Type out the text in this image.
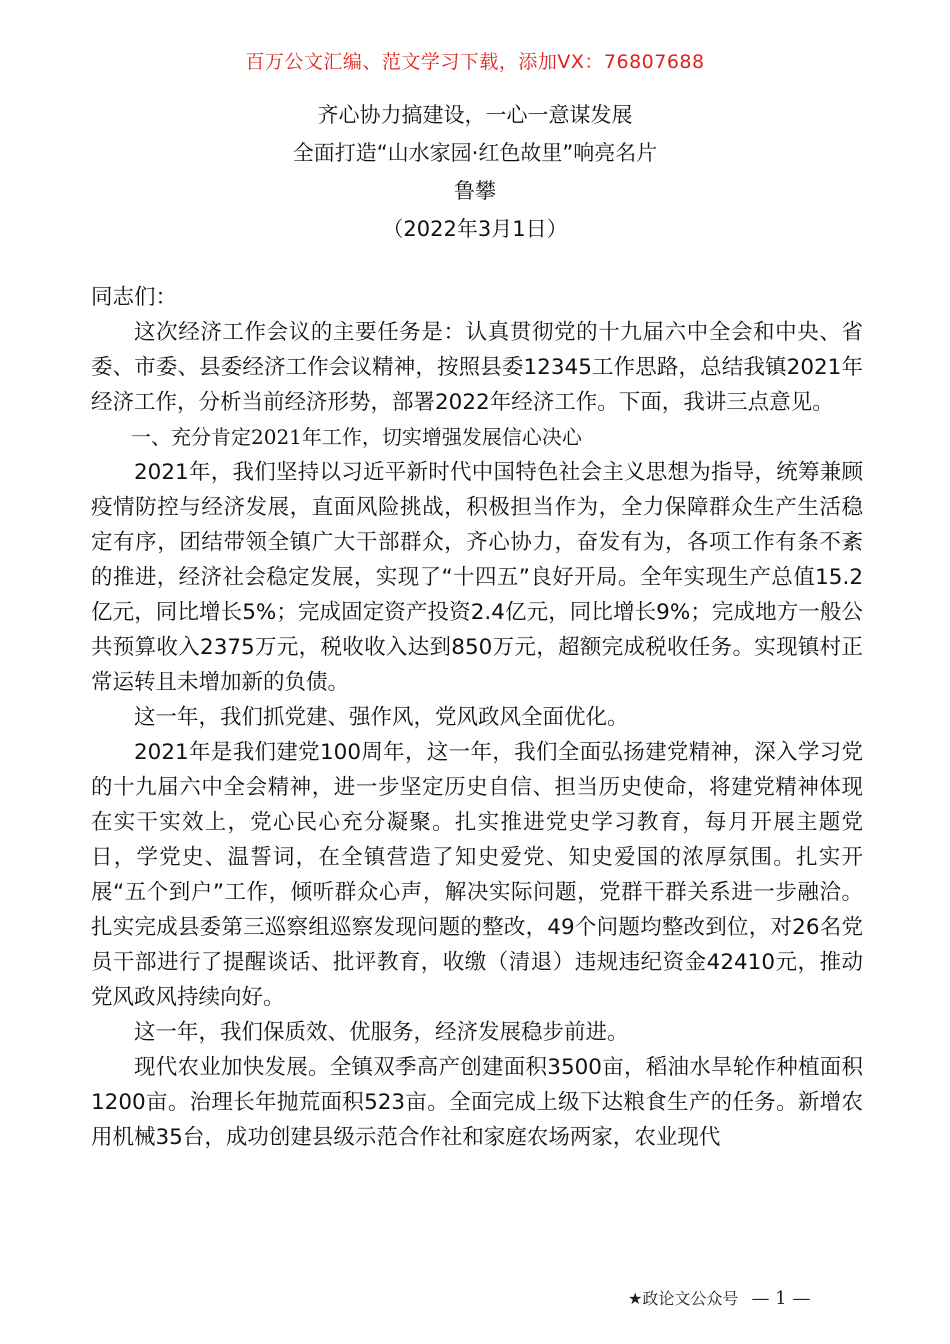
百万公文汇编、范文学习下载，添加VX：76807688
齐心协力搞建设，一心一意谋发展
全面打造“山水家园·红色故里”响亮名片
鲁攀
（2022年3月1日）

同志们：

这次经济工作会议的主要任务是：认真贯彻党的十九届六中全会和中央、省委、市委、县委经济工作会议精神，按照县委12345工作思路，总结我镇2021年经济工作，分析当前经济形势，部署2022年经济工作。下面，我讲三点意见。

一、充分肯定2021年工作，切实增强发展信心决心

2021年，我们坚持以习近平新时代中国特色社会主义思想为指导，统筹兼顾疫情防控与经济发展，直面风险挑战，积极担当作为，全力保障群众生产生活稳定有序，团结带领全镇广大干部群众，齐心协力，奋发有为，各项工作有条不紊的推进，经济社会稳定发展，实现了“十四五”良好开局。全年实现生产总值15.2亿元，同比增长5%；完成固定资产投资2.4亿元，同比增长9%；完成地方一般公共预算收入2375万元，税收收入达到850万元，超额完成税收任务。实现镇村正常运转且未增加新的负债。

这一年，我们抓党建、强作风，党风政风全面优化。

2021年是我们建党100周年，这一年，我们全面弘扬建党精神，深入学习党的十九届六中全会精神，进一步坚定历史自信、担当历史使命，将建党精神体现在实干实效上，党心民心充分凝聚。扎实推进党史学习教育，每月开展主题党日，学党史、温誓词，在全镇营造了知史爱党、知史爱国的浓厚氛围。扎实开展“五个到户”工作，倾听群众心声，解决实际问题，党群干群关系进一步融洽。扎实完成县委第三巡察组巡察发现问题的整改，49个问题均整改到位，对26名党员干部进行了提醒谈话、批评教育，收缴（清退）违规违纪资金42410元，推动党风政风持续向好。

这一年，我们保质效、优服务，经济发展稳步前进。

现代农业加快发展。全镇双季高产创建面积3500亩，稻油水旱轮作种植面积1200亩。治理长年抛荒面积523亩。全面完成上级下达粮食生产的任务。新增农用机械35台，成功创建县级示范合作社和家庭农场两家，农业现代

★政论文公众号 — 1 —
